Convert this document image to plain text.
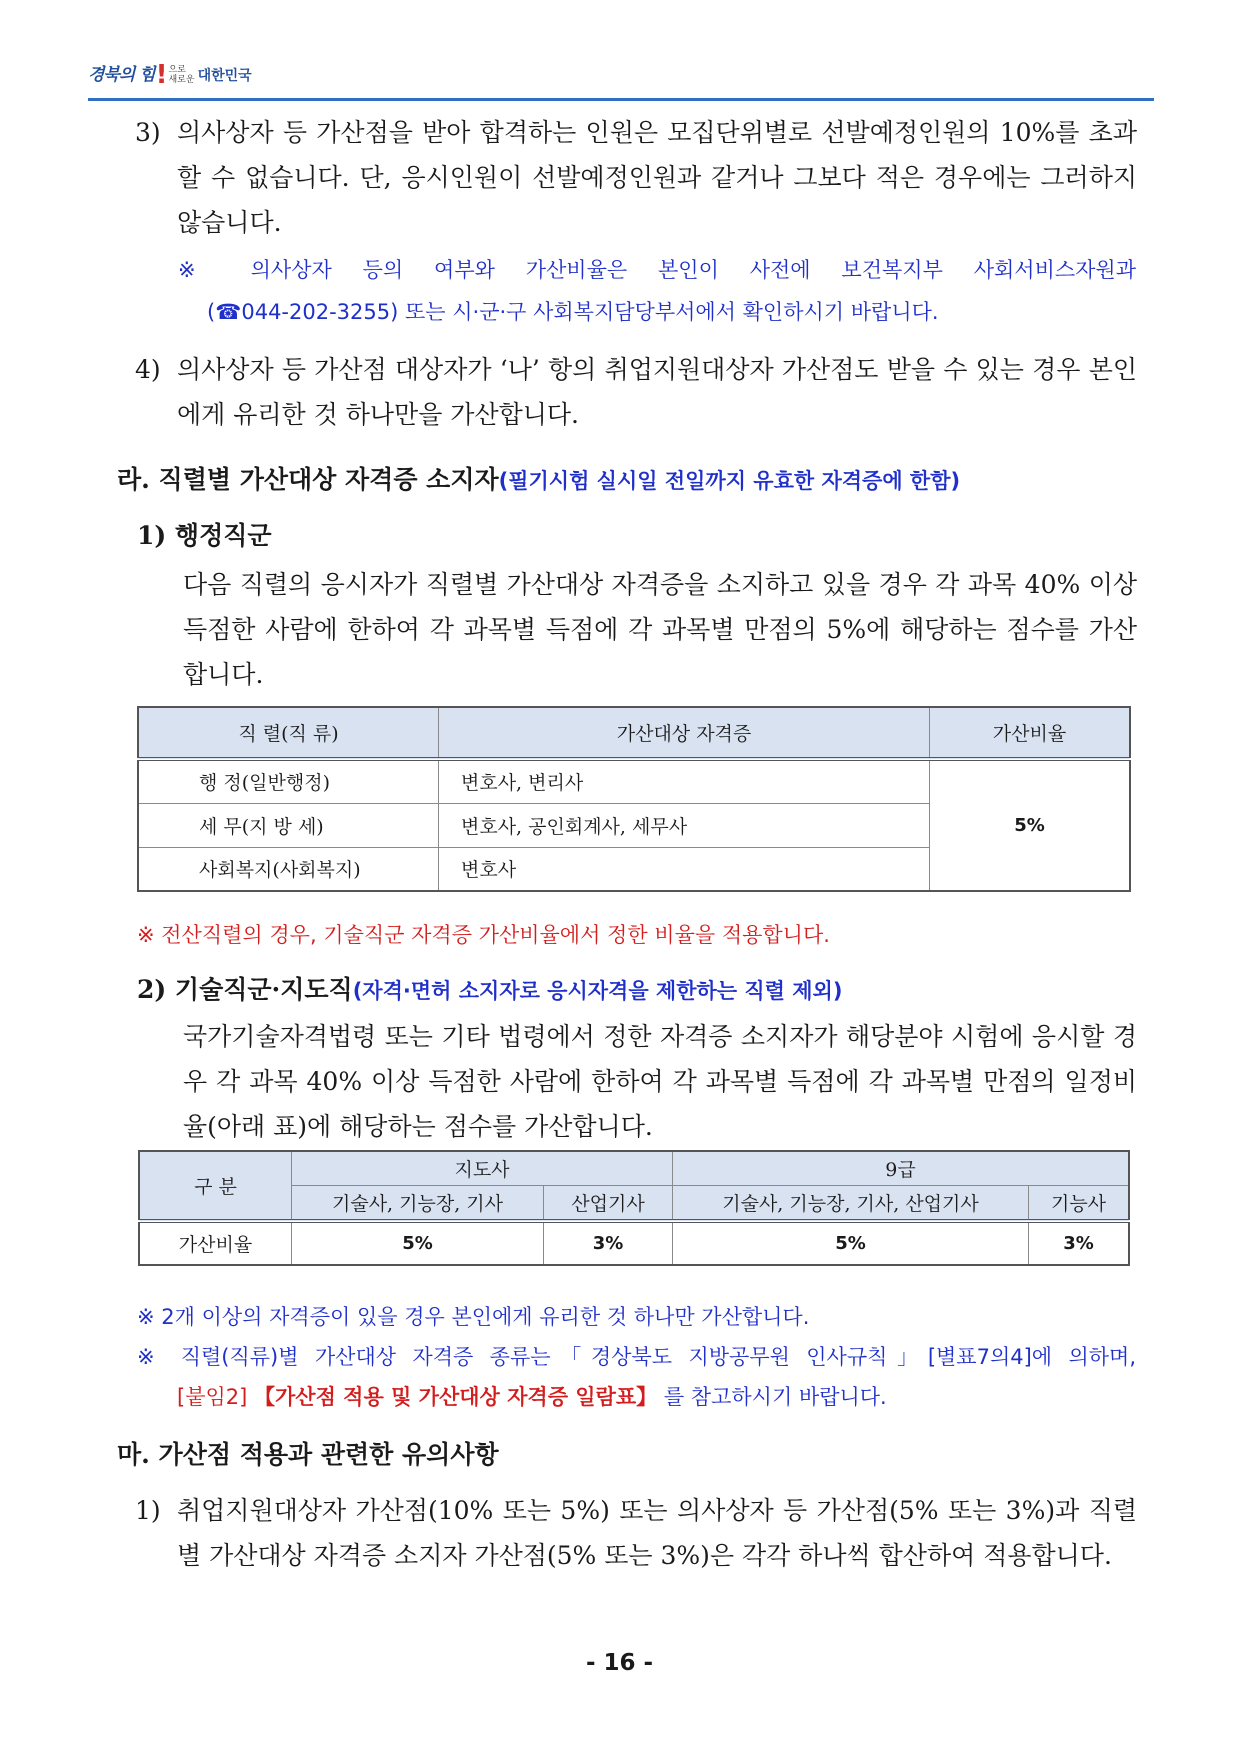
경북의 힘 ! 으로
새로운 대한민국
3) 의사상자 등 가산점을 받아 합격하는 인원은 모집단위별로 선발예정인원의 10%를 초과할 수 없습니다. 단, 응시인원이 선발예정인원과 같거나 그보다 적은 경우에는 그러하지 않습니다.
※ 의사상자 등의 여부와 가산비율은 본인이 사전에 보건복지부 사회서비스자원과
(☎044-202-3255) 또는 시·군·구 사회복지담당부서에서 확인하시기 바랍니다.
4) 의사상자 등 가산점 대상자가 ‘나’ 항의 취업지원대상자 가산점도 받을 수 있는 경우 본인에게 유리한 것 하나만을 가산합니다.
라. 직렬별 가산대상 자격증 소지자(필기시험 실시일 전일까지 유효한 자격증에 한함)
1) 행정직군
다음 직렬의 응시자가 직렬별 가산대상 자격증을 소지하고 있을 경우 각 과목 40% 이상 득점한 사람에 한하여 각 과목별 득점에 각 과목별 만점의 5%에 해당하는 점수를 가산합니다.
직 렬(직 류)	가산대상 자격증	가산비율
행 정(일반행정)	변호사, 변리사	5%
세 무(지 방 세)	변호사, 공인회계사, 세무사	
사회복지(사회복지)	변호사	
※ 전산직렬의 경우, 기술직군 자격증 가산비율에서 정한 비율을 적용합니다.
2) 기술직군·지도직(자격·면허 소지자로 응시자격을 제한하는 직렬 제외)
국가기술자격법령 또는 기타 법령에서 정한 자격증 소지자가 해당분야 시험에 응시할 경우 각 과목 40% 이상 득점한 사람에 한하여 각 과목별 득점에 각 과목별 만점의 일정비율(아래 표)에 해당하는 점수를 가산합니다.
구 분	지도사		9급	
	기술사, 기능장, 기사	산업기사	기술사, 기능장, 기사, 산업기사	기능사
가산비율	5%	3%	5%	3%
※ 2개 이상의 자격증이 있을 경우 본인에게 유리한 것 하나만 가산합니다.
※ 직렬(직류)별 가산대상 자격증 종류는「경상북도 지방공무원 인사규칙」[별표7의4]에 의하며,
[붙임2] 【가산점 적용 및 가산대상 자격증 일람표】 를 참고하시기 바랍니다.
마. 가산점 적용과 관련한 유의사항
1) 취업지원대상자 가산점(10% 또는 5%) 또는 의사상자 등 가산점(5% 또는 3%)과 직렬별 가산대상 자격증 소지자 가산점(5% 또는 3%)은 각각 하나씩 합산하여 적용합니다.
- 16 -
